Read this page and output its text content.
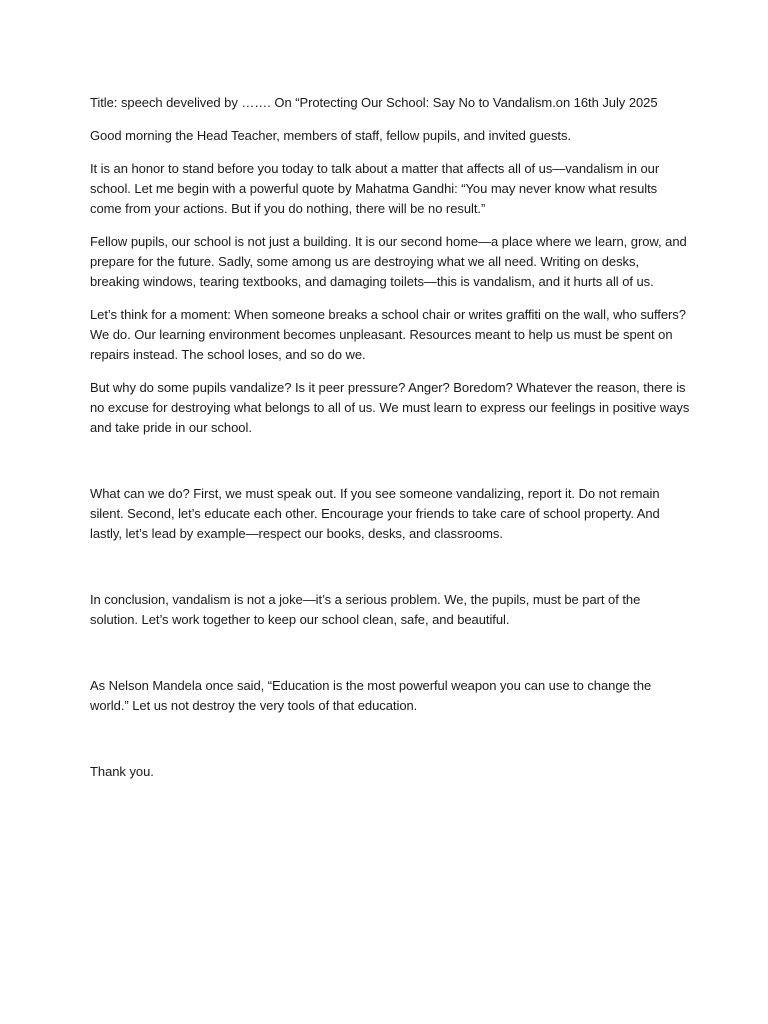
Title: speech develived by ……. On “Protecting Our School: Say No to Vandalism.on 16th July 2025

Good morning the Head Teacher, members of staff, fellow pupils, and invited guests.

It is an honor to stand before you today to talk about a matter that affects all of us—vandalism in our school. Let me begin with a powerful quote by Mahatma Gandhi: “You may never know what results come from your actions. But if you do nothing, there will be no result.”

Fellow pupils, our school is not just a building. It is our second home—a place where we learn, grow, and prepare for the future. Sadly, some among us are destroying what we all need. Writing on desks, breaking windows, tearing textbooks, and damaging toilets—this is vandalism, and it hurts all of us.

Let’s think for a moment: When someone breaks a school chair or writes graffiti on the wall, who suffers? We do. Our learning environment becomes unpleasant. Resources meant to help us must be spent on repairs instead. The school loses, and so do we.

But why do some pupils vandalize? Is it peer pressure? Anger? Boredom? Whatever the reason, there is no excuse for destroying what belongs to all of us. We must learn to express our feelings in positive ways and take pride in our school.

What can we do? First, we must speak out. If you see someone vandalizing, report it. Do not remain silent. Second, let’s educate each other. Encourage your friends to take care of school property. And lastly, let’s lead by example—respect our books, desks, and classrooms.

In conclusion, vandalism is not a joke—it’s a serious problem. We, the pupils, must be part of the solution. Let’s work together to keep our school clean, safe, and beautiful.

As Nelson Mandela once said, “Education is the most powerful weapon you can use to change the world.” Let us not destroy the very tools of that education.

Thank you.
